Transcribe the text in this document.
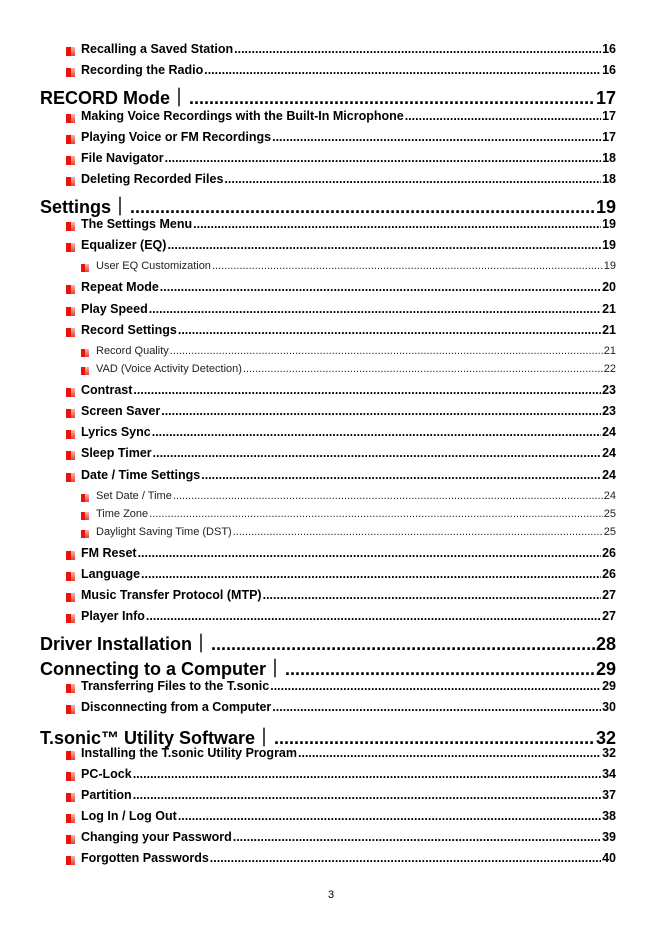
Recalling a Saved Station .....	16
Recording the Radio .....	16
RECORD Mode｜ .....	17
Making Voice Recordings with the Built-In Microphone .....	17
Playing Voice or FM Recordings .....	17
File Navigator .....	18
Deleting Recorded Files .....	18
Settings｜ .....	19
The Settings Menu .....	19
Equalizer (EQ) .....	19
User EQ Customization .....	19
Repeat Mode .....	20
Play Speed .....	21
Record Settings .....	21
Record Quality .....	21
VAD (Voice Activity Detection) .....	22
Contrast .....	23
Screen Saver .....	23
Lyrics Sync .....	24
Sleep Timer .....	24
Date / Time Settings .....	24
Set Date / Time .....	24
Time Zone .....	25
Daylight Saving Time (DST) .....	25
FM Reset .....	26
Language .....	26
Music Transfer Protocol (MTP) .....	27
Player Info .....	27
Driver Installation｜ .....	28
Connecting to a Computer｜ .....	29
Transferring Files to the T.sonic .....	29
Disconnecting from a Computer .....	30
T.sonic™ Utility Software｜ .....	32
Installing the T.sonic Utility Program .....	32
PC-Lock .....	34
Partition .....	37
Log In / Log Out .....	38
Changing your Password .....	39
Forgotten Passwords .....	40
3
